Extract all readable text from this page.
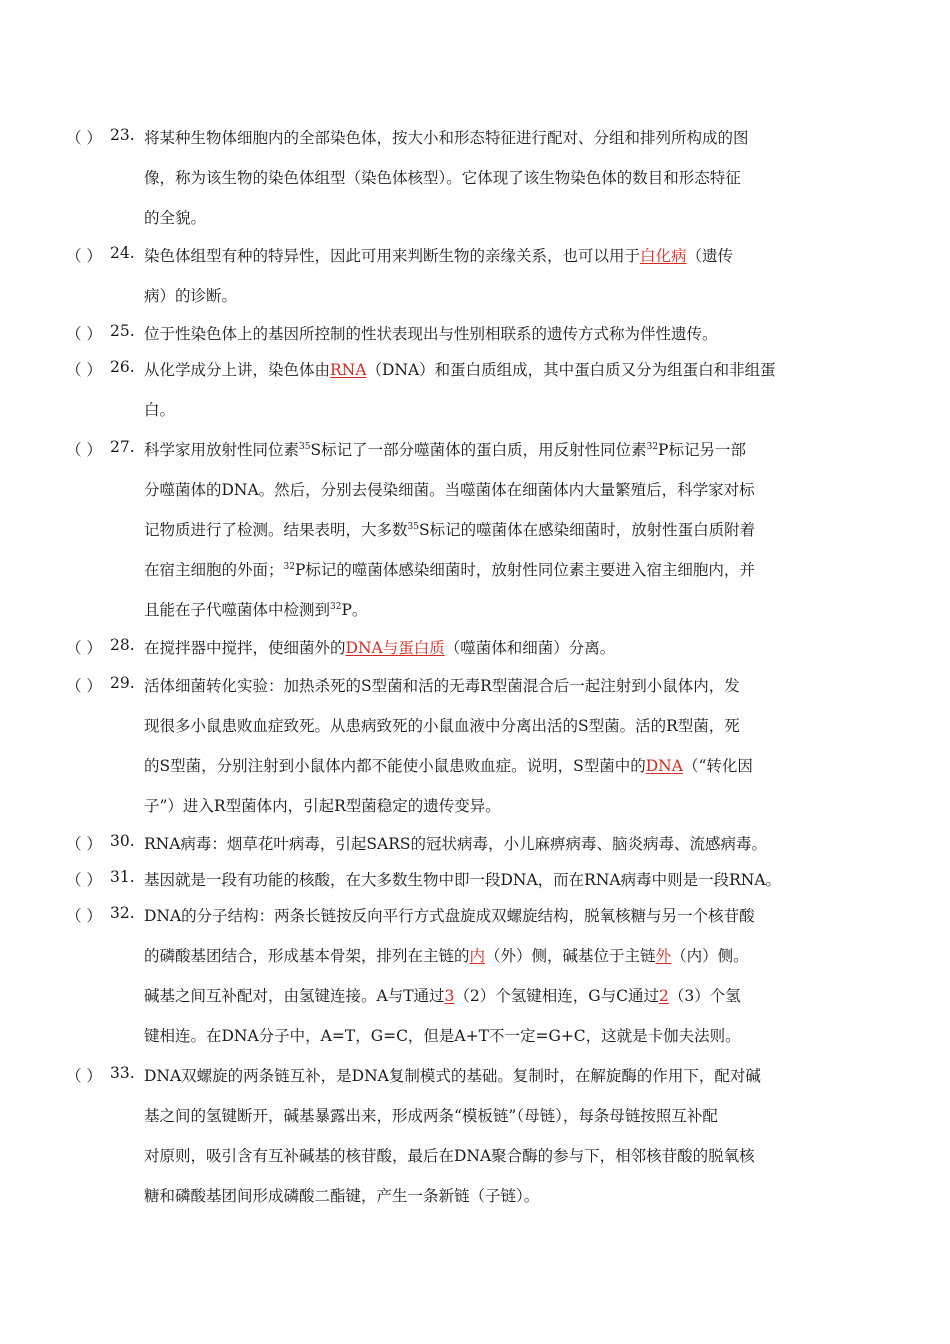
（ ） 23. 将某种生物体细胞内的全部染色体，按大小和形态特征进行配对、分组和排列所构成的图
像，称为该生物的染色体组型（染色体核型）。它体现了该生物染色体的数目和形态特征
的全貌。
（ ） 24. 染色体组型有种的特异性，因此可用来判断生物的亲缘关系，也可以用于白化病（遗传
病）的诊断。
（ ） 25. 位于性染色体上的基因所控制的性状表现出与性别相联系的遗传方式称为伴性遗传。
（ ） 26. 从化学成分上讲，染色体由RNA（DNA）和蛋白质组成，其中蛋白质又分为组蛋白和非组蛋
白。
（ ） 27. 科学家用放射性同位素$^{35}$S标记了一部分噬菌体的蛋白质，用反射性同位素$^{32}$P标记另一部
分噬菌体的DNA。然后，分别去侵染细菌。当噬菌体在细菌体内大量繁殖后，科学家对标
记物质进行了检测。结果表明，大多数$^{35}$S标记的噬菌体在感染细菌时，放射性蛋白质附着
在宿主细胞的外面；$^{32}$P标记的噬菌体感染细菌时，放射性同位素主要进入宿主细胞内，并
且能在子代噬菌体中检测到$^{32}$P。
（ ） 28. 在搅拌器中搅拌，使细菌外的DNA与蛋白质（噬菌体和细菌）分离。
（ ） 29. 活体细菌转化实验：加热杀死的S型菌和活的无毒R型菌混合后一起注射到小鼠体内，发
现很多小鼠患败血症致死。从患病致死的小鼠血液中分离出活的S型菌。活的R型菌，死
的S型菌，分别注射到小鼠体内都不能使小鼠患败血症。说明，S型菌中的DNA（“转化因
子”）进入R型菌体内，引起R型菌稳定的遗传变异。
（ ） 30. RNA病毒：烟草花叶病毒，引起SARS的冠状病毒，小儿麻痹病毒、脑炎病毒、流感病毒。
（ ） 31. 基因就是一段有功能的核酸，在大多数生物中即一段DNA，而在RNA病毒中则是一段RNA。
（ ） 32. DNA的分子结构：两条长链按反向平行方式盘旋成双螺旋结构，脱氧核糖与另一个核苷酸
的磷酸基团结合，形成基本骨架，排列在主链的内（外）侧，碱基位于主链外（内）侧。
碱基之间互补配对，由氢键连接。A与T通过3（2）个氢键相连，G与C通过2（3）个氢
键相连。在DNA分子中，A=T，G=C，但是A+T不一定=G+C，这就是卡伽夫法则。
（ ） 33. DNA双螺旋的两条链互补，是DNA复制模式的基础。复制时，在解旋酶的作用下，配对碱
基之间的氢键断开，碱基暴露出来，形成两条“模板链”（母链），每条母链按照互补配
对原则，吸引含有互补碱基的核苷酸，最后在DNA聚合酶的参与下，相邻核苷酸的脱氧核
糖和磷酸基团间形成磷酸二酯键，产生一条新链（子链）。
